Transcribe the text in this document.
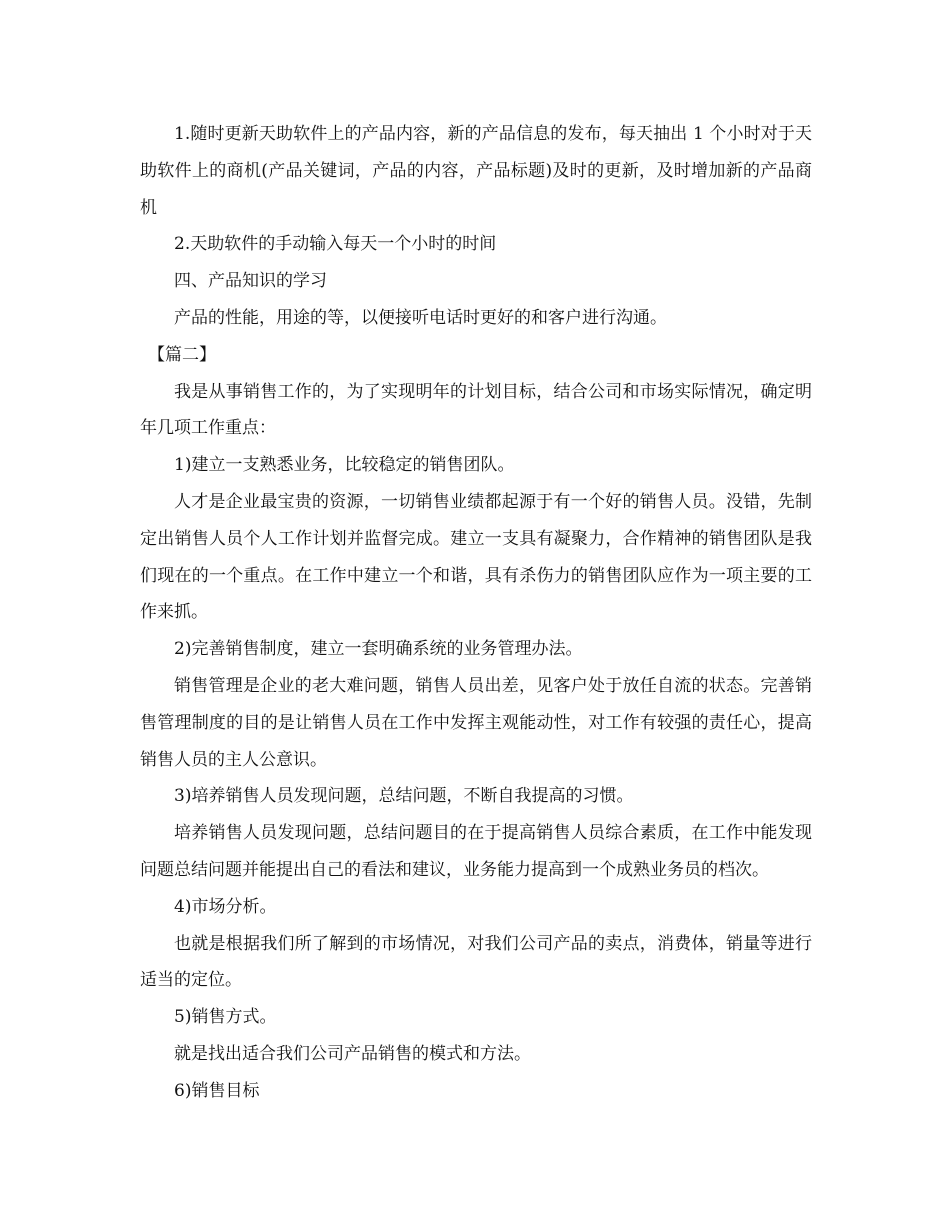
1.随时更新天助软件上的产品内容，新的产品信息的发布，每天抽出 1 个小时对于天助软件上的商机(产品关键词，产品的内容，产品标题)及时的更新，及时增加新的产品商机

2.天助软件的手动输入每天一个小时的时间

四、产品知识的学习

产品的性能，用途的等，以便接听电话时更好的和客户进行沟通。

【篇二】

我是从事销售工作的，为了实现明年的计划目标，结合公司和市场实际情况，确定明年几项工作重点：

1)建立一支熟悉业务，比较稳定的销售团队。

人才是企业最宝贵的资源，一切销售业绩都起源于有一个好的销售人员。没错，先制定出销售人员个人工作计划并监督完成。建立一支具有凝聚力，合作精神的销售团队是我们现在的一个重点。在工作中建立一个和谐，具有杀伤力的销售团队应作为一项主要的工作来抓。

2)完善销售制度，建立一套明确系统的业务管理办法。

销售管理是企业的老大难问题，销售人员出差，见客户处于放任自流的状态。完善销售管理制度的目的是让销售人员在工作中发挥主观能动性，对工作有较强的责任心，提高销售人员的主人公意识。

3)培养销售人员发现问题，总结问题，不断自我提高的习惯。

培养销售人员发现问题，总结问题目的在于提高销售人员综合素质，在工作中能发现问题总结问题并能提出自己的看法和建议，业务能力提高到一个成熟业务员的档次。

4)市场分析。

也就是根据我们所了解到的市场情况，对我们公司产品的卖点，消费体，销量等进行适当的定位。

5)销售方式。

就是找出适合我们公司产品销售的模式和方法。

6)销售目标
